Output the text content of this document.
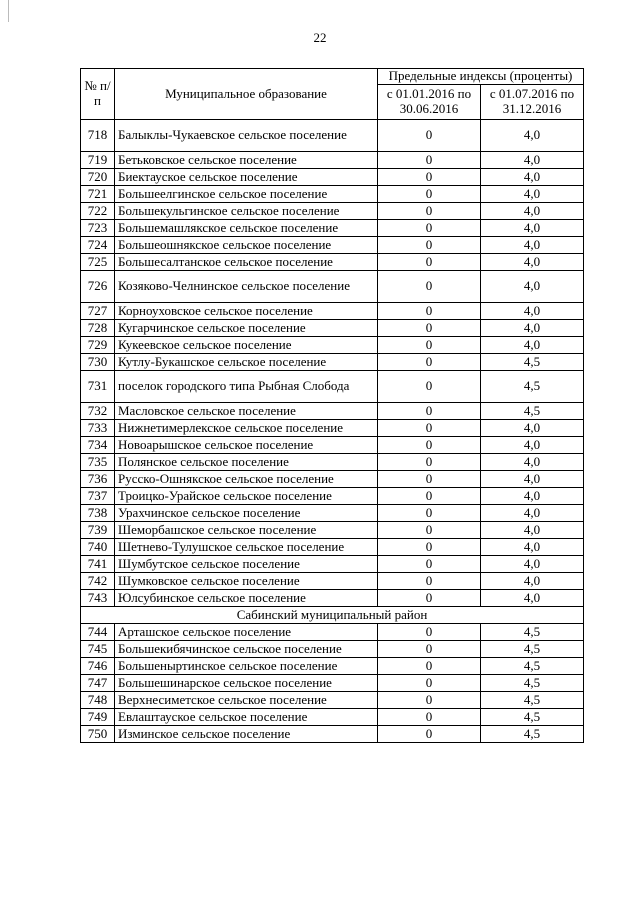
22
№ п/п	Муниципальное образование	Предельные индексы (проценты)	
		с 01.01.2016 по 30.06.2016	с 01.07.2016 по 31.12.2016
718	Балыклы-Чукаевское сельское поселение	0	4,0
719	Бетьковское сельское поселение	0	4,0
720	Биектауское сельское поселение	0	4,0
721	Большеелгинское сельское поселение	0	4,0
722	Большекульгинское сельское поселение	0	4,0
723	Большемашлякское сельское поселение	0	4,0
724	Большеошнякское сельское поселение	0	4,0
725	Большесалтанское сельское поселение	0	4,0
726	Козяково-Челнинское сельское поселение	0	4,0
727	Корноуховское сельское поселение	0	4,0
728	Кугарчинское сельское поселение	0	4,0
729	Кукеевское сельское поселение	0	4,0
730	Кутлу-Букашское сельское поселение	0	4,5
731	поселок городского типа Рыбная Слобода	0	4,5
732	Масловское сельское поселение	0	4,5
733	Нижнетимерлекское сельское поселение	0	4,0
734	Новоарышское сельское поселение	0	4,0
735	Полянское сельское поселение	0	4,0
736	Русско-Ошнякское сельское поселение	0	4,0
737	Троицко-Урайское сельское поселение	0	4,0
738	Урахчинское сельское поселение	0	4,0
739	Шеморбашское сельское поселение	0	4,0
740	Шетнево-Тулушское сельское поселение	0	4,0
741	Шумбутское сельское поселение	0	4,0
742	Шумковское сельское поселение	0	4,0
743	Юлсубинское сельское поселение	0	4,0
Сабинский муниципальный район			
744	Арташское сельское поселение	0	4,5
745	Большекибячинское сельское поселение	0	4,5
746	Большеныртинское сельское поселение	0	4,5
747	Большешинарское сельское поселение	0	4,5
748	Верхнесиметское сельское поселение	0	4,5
749	Евлаштауское сельское поселение	0	4,5
750	Изминское сельское поселение	0	4,5
